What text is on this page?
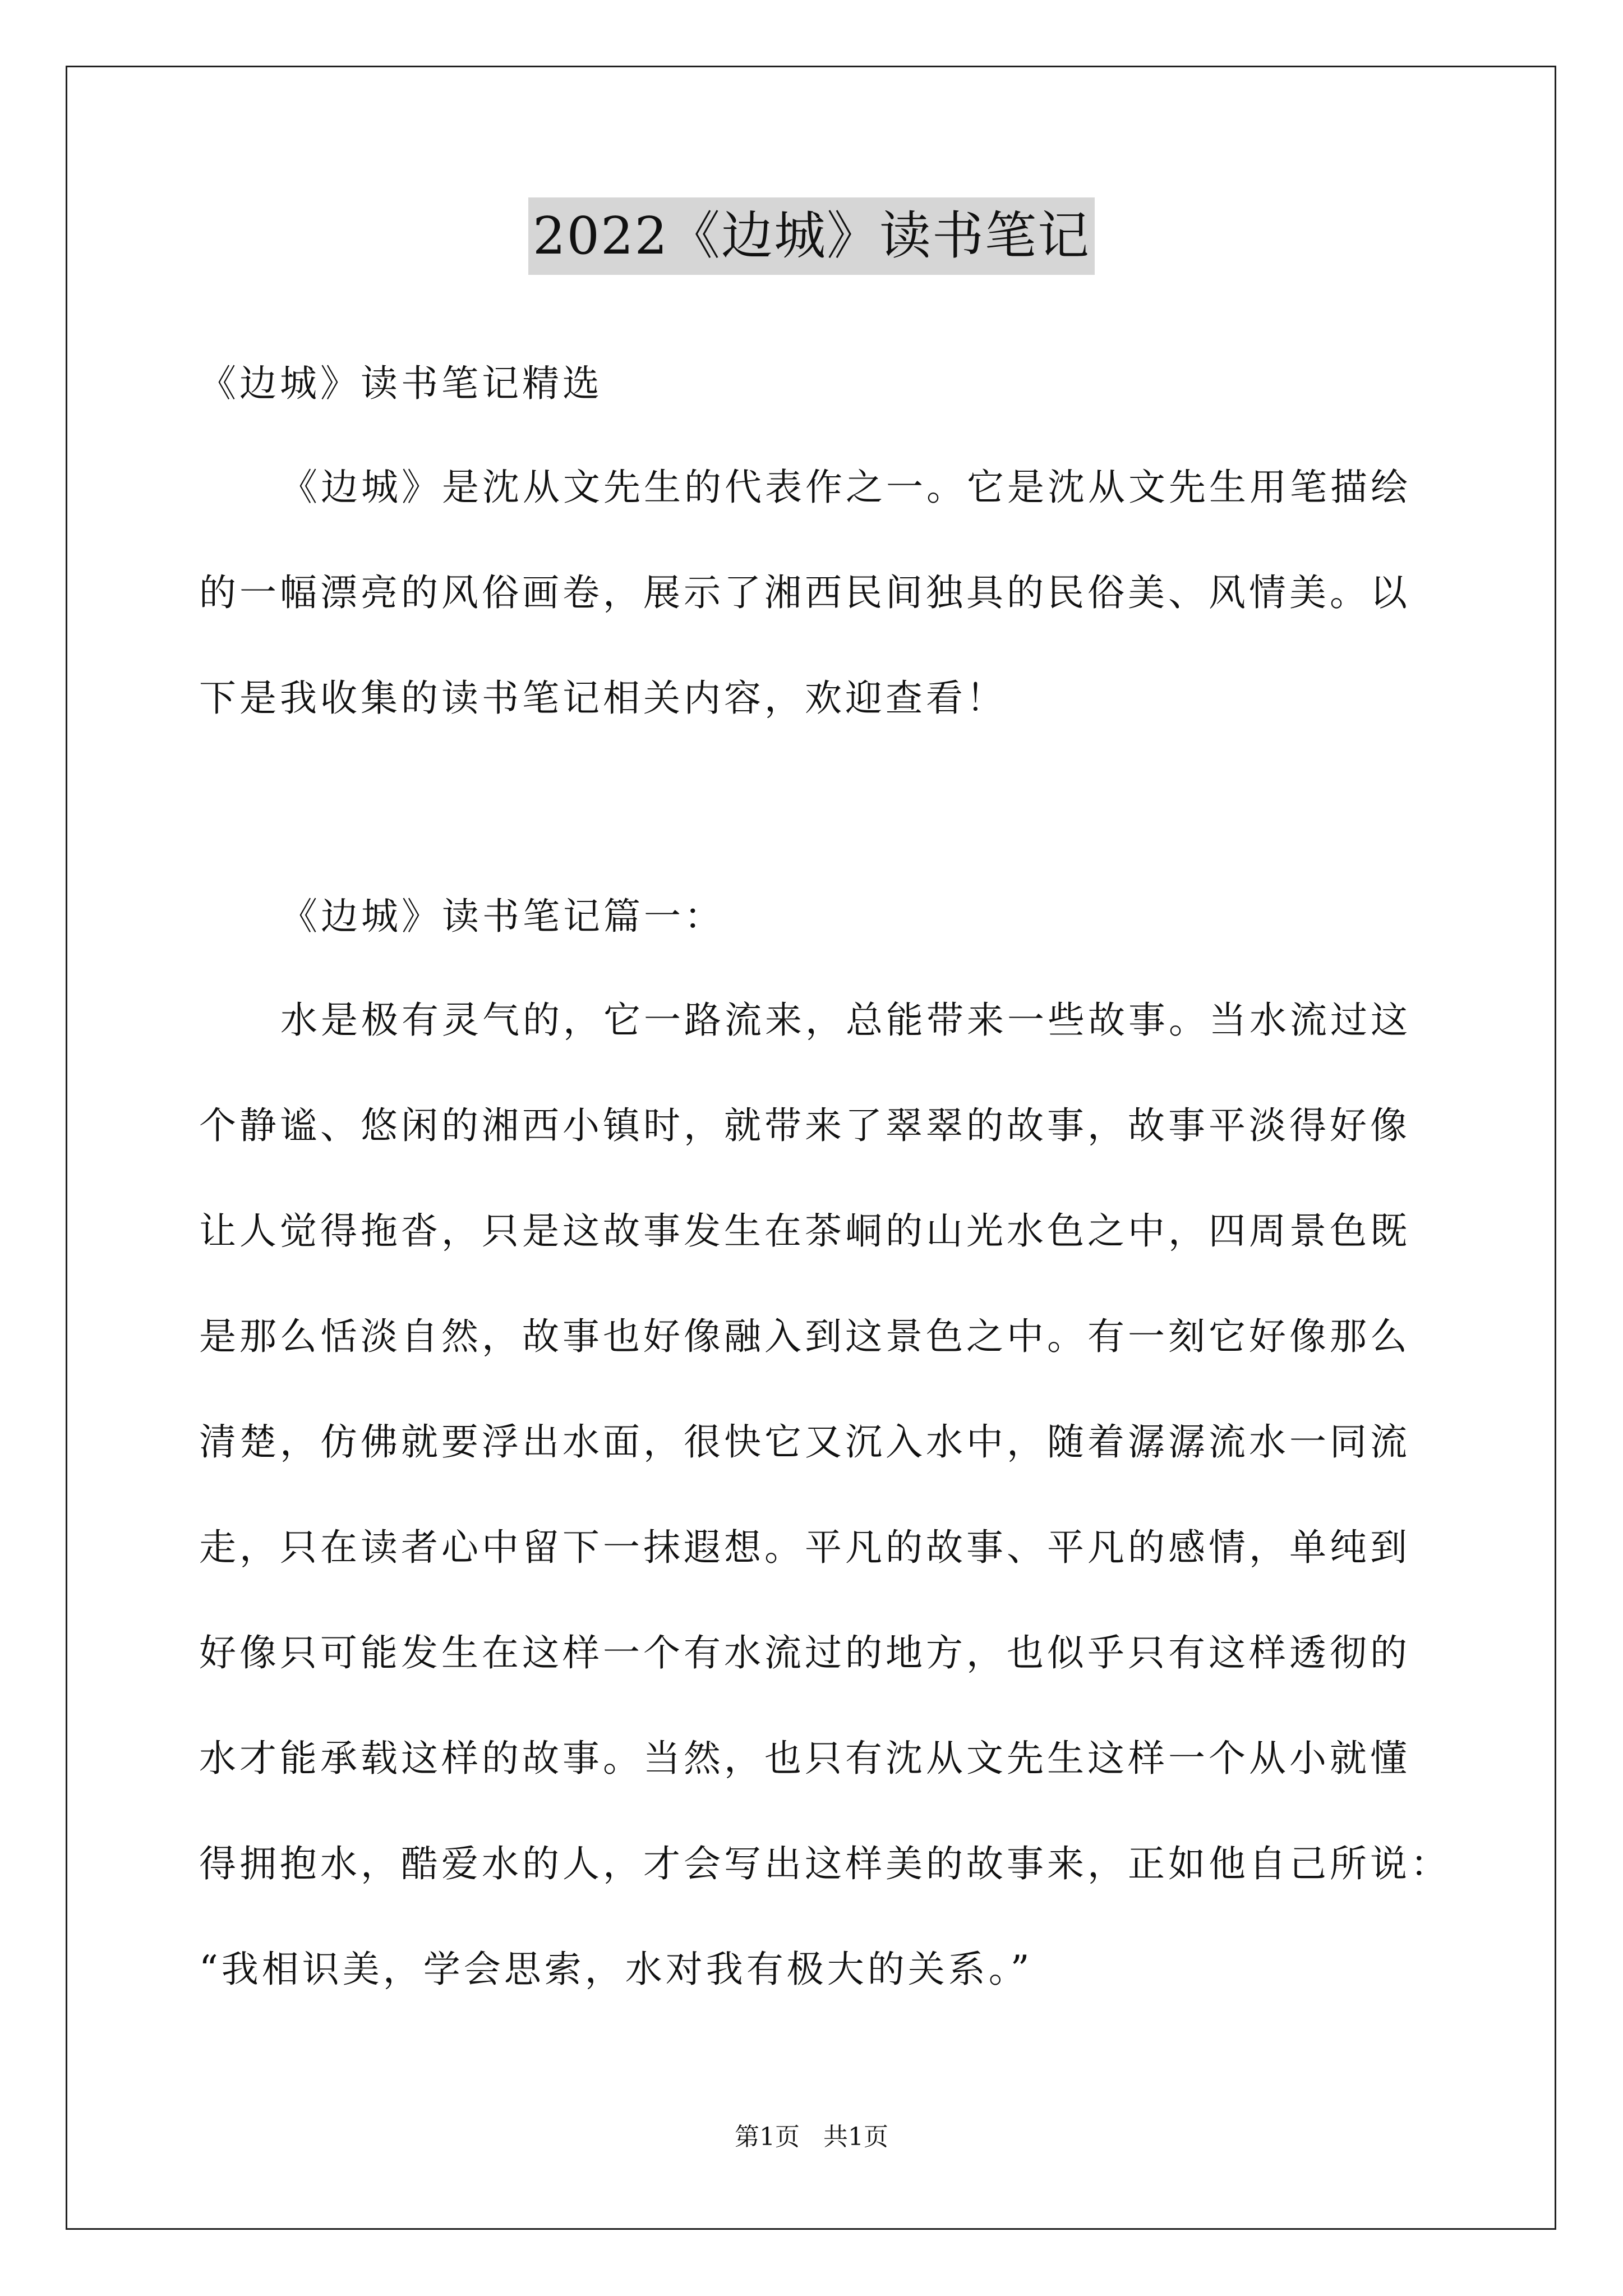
2022《边城》读书笔记
《边城》读书笔记精选
《边城》是沈从文先生的代表作之一。它是沈从文先生用笔描绘
的一幅漂亮的风俗画卷，展示了湘西民间独具的民俗美、风情美。以
下是我收集的读书笔记相关内容，欢迎查看！
《边城》读书笔记篇一：
水是极有灵气的，它一路流来，总能带来一些故事。当水流过这
个静谧、悠闲的湘西小镇时，就带来了翠翠的故事，故事平淡得好像
让人觉得拖沓，只是这故事发生在茶峒的山光水色之中，四周景色既
是那么恬淡自然，故事也好像融入到这景色之中。有一刻它好像那么
清楚，仿佛就要浮出水面，很快它又沉入水中，随着潺潺流水一同流
走，只在读者心中留下一抹遐想。平凡的故事、平凡的感情，单纯到
好像只可能发生在这样一个有水流过的地方，也似乎只有这样透彻的
水才能承载这样的故事。当然，也只有沈从文先生这样一个从小就懂
得拥抱水，酷爱水的人，才会写出这样美的故事来，正如他自己所说：
“我相识美，学会思索，水对我有极大的关系。”
第1页 共1页
